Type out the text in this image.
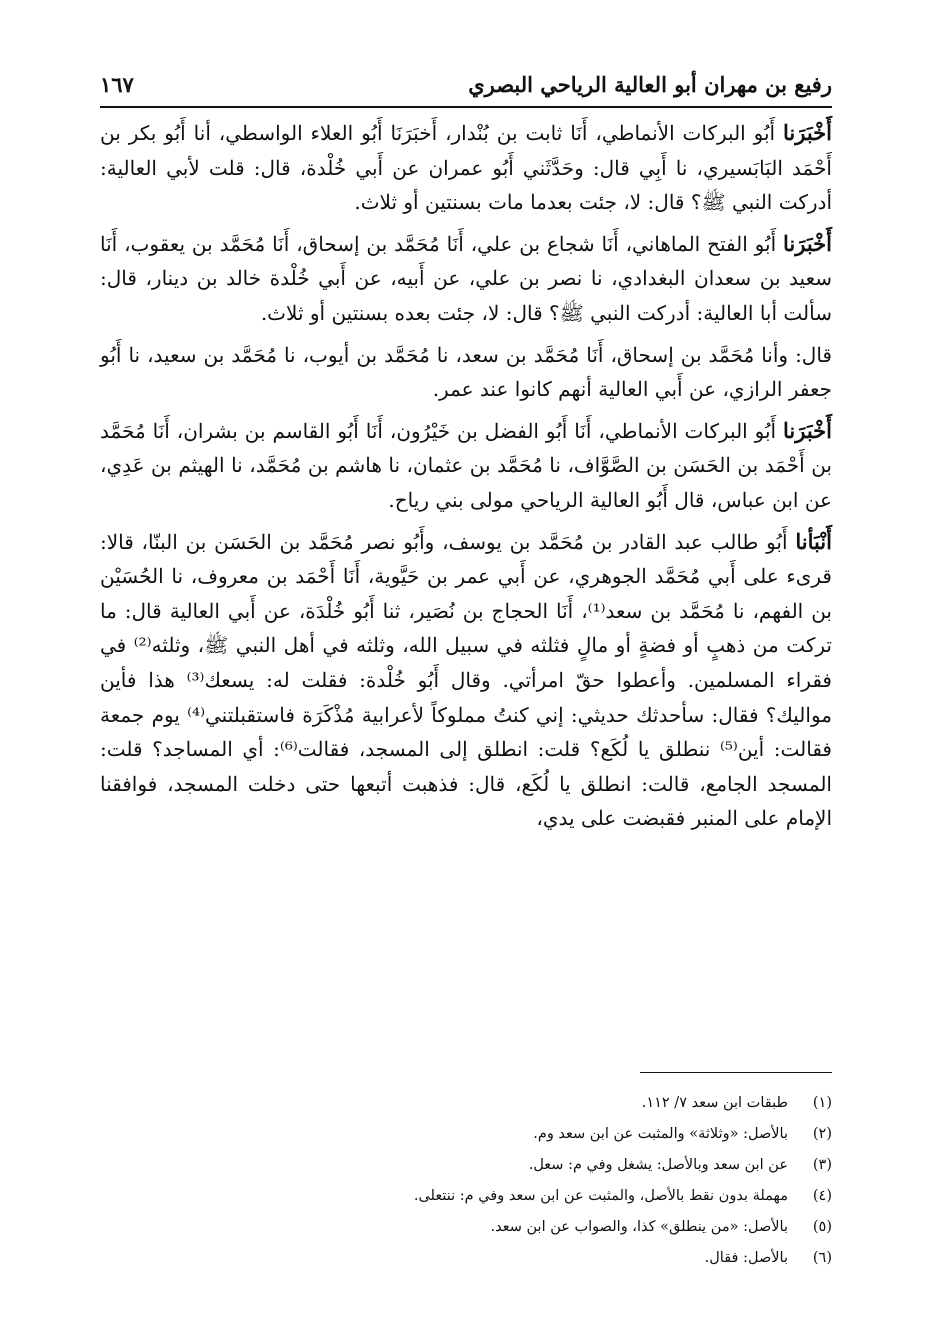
رفيع بن مهران أبو العالية الرياحي البصري
١٦٧

أَخْبَرَنا أَبُو البركات الأنماطي، أَنَا ثابت بن بُنْدار، أَخبَرَنَا أَبُو العلاء الواسطي، أنا أَبُو بكر بن أَحْمَد البَابَسيري، نا أَبِي قال: وحَدَّثَني أَبُو عمران عن أَبي خُلْدة، قال: قلت لأبي العالية: أدركت النبي ﷺ؟ قال: لا، جئت بعدما مات بسنتين أو ثلاث.

أَخْبَرَنا أَبُو الفتح الماهاني، أَنَا شجاع بن علي، أَنَا مُحَمَّد بن إسحاق، أَنَا مُحَمَّد بن يعقوب، أَنَا سعيد بن سعدان البغدادي، نا نصر بن علي، عن أَبيه، عن أَبي خُلْدة خالد بن دينار، قال: سألت أبا العالية: أدركت النبي ﷺ؟ قال: لا، جئت بعده بسنتين أو ثلاث.

قال: وأنا مُحَمَّد بن إسحاق، أَنَا مُحَمَّد بن سعد، نا مُحَمَّد بن أيوب، نا مُحَمَّد بن سعيد، نا أَبُو جعفر الرازي، عن أَبي العالية أنهم كانوا عند عمر.

أَخْبَرَنا أَبُو البركات الأنماطي، أَنَا أَبُو الفضل بن خَيْرُون، أَنَا أَبُو القاسم بن بشران، أَنَا مُحَمَّد بن أَحْمَد بن الحَسَن بن الصَّوَّاف، نا مُحَمَّد بن عثمان، نا هاشم بن مُحَمَّد، نا الهيثم بن عَدِي، عن ابن عباس، قال أَبُو العالية الرياحي مولى بني رياح.

أَنْبَأنا أَبُو طالب عبد القادر بن مُحَمَّد بن يوسف، وأَبُو نصر مُحَمَّد بن الحَسَن بن البنّا، قالا: قرىء على أَبي مُحَمَّد الجوهري، عن أَبي عمر بن حَيَّوية، أَنَا أَحْمَد بن معروف، نا الحُسَيْن بن الفهم، نا مُحَمَّد بن سعد⁽¹⁾، أَنَا الحجاج بن نُصَير، ثنا أَبُو خُلْدَة، عن أَبي العالية قال: ما تركت من ذهبٍ أو فضةٍ أو مالٍ فثلثه في سبيل الله، وثلثه في أهل النبي ﷺ، وثلثه⁽²⁾ في فقراء المسلمين. وأعطوا حقّ امرأتي. وقال أَبُو خُلْدة: فقلت له: يسعك⁽³⁾ هذا فأين مواليك؟ فقال: سأحدثك حديثي: إني كنتُ مملوكاً لأعرابية مُذْكَرَة فاستقبلتني⁽⁴⁾ يوم جمعة فقالت: أين⁽⁵⁾ ننطلق يا لُكَع؟ قلت: انطلق إلى المسجد، فقالت⁽⁶⁾: أي المساجد؟ قلت: المسجد الجامع، قالت: انطلق يا لُكَع، قال: فذهبت أتبعها حتى دخلت المسجد، فوافقنا الإمام على المنبر فقبضت على يدي،

(١)
طبقات ابن سعد ٧/ ١١٢.
(٢)
بالأصل: «وثلاثة» والمثبت عن ابن سعد وم.
(٣)
عن ابن سعد وبالأصل: يشغل وفي م: سعل.
(٤)
مهملة بدون نقط بالأصل، والمثبت عن ابن سعد وفي م: ننتعلى.
(٥)
بالأصل: «من ينطلق» كذا، والصواب عن ابن سعد.
(٦)
بالأصل: فقال.
